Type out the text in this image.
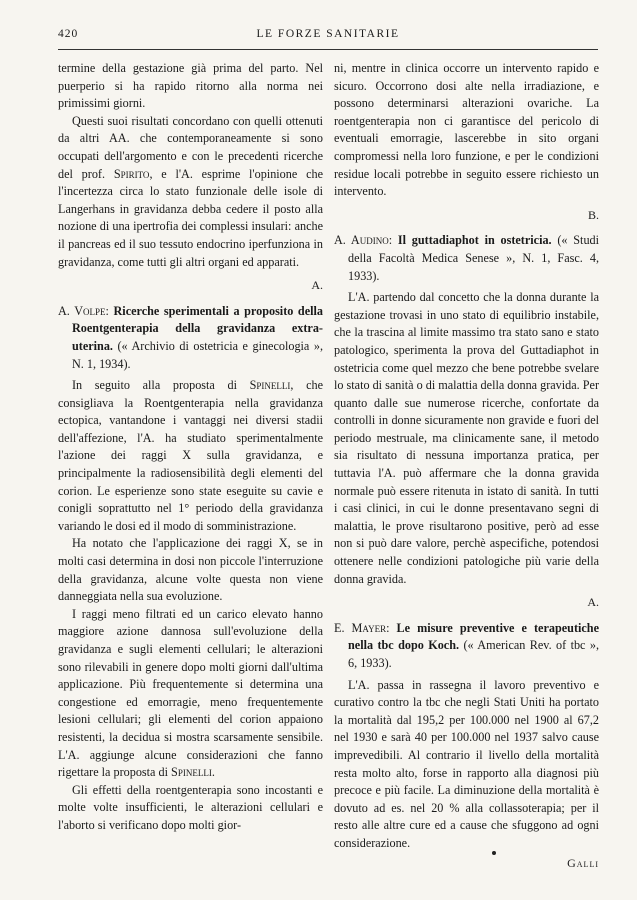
420	LE FORZE SANITARIE

termine della gestazione già prima del parto. Nel puerperio si ha rapido ritorno alla norma nei primissimi giorni.

Questi suoi risultati concordano con quelli ottenuti da altri AA. che contemporaneamente si sono occupati dell'argomento e con le precedenti ricerche del prof. Spirito, e l'A. esprime l'opinione che l'incertezza circa lo stato funzionale delle isole di Langerhans in gravidanza debba cedere il posto alla nozione di una ipertrofia dei complessi insulari: anche il pancreas ed il suo tessuto endocrino iperfunziona in gravidanza, come tutti gli altri organi ed apparati.

A.

A. Volpe: Ricerche sperimentali a proposito della Roentgenterapia della gravidanza extra-uterina. (« Archivio di ostetricia e ginecologia », N. 1, 1934).

In seguito alla proposta di Spinelli, che consigliava la Roentgenterapia nella gravidanza ectopica, vantandone i vantaggi nei diversi stadii dell'affezione, l'A. ha studiato sperimentalmente l'azione dei raggi X sulla gravidanza, e principalmente la radiosensibilità degli elementi del corion. Le esperienze sono state eseguite su cavie e conigli soprattutto nel 1° periodo della gravidanza variando le dosi ed il modo di somministrazione.

Ha notato che l'applicazione dei raggi X, se in molti casi determina in dosi non piccole l'interruzione della gravidanza, alcune volte questa non viene danneggiata nella sua evoluzione.

I raggi meno filtrati ed un carico elevato hanno maggiore azione dannosa sull'evoluzione della gravidanza e sugli elementi cellulari; le alterazioni sono rilevabili in genere dopo molti giorni dall'ultima applicazione. Più frequentemente si determina una congestione ed emorragie, meno frequentemente lesioni cellulari; gli elementi del corion appaiono resistenti, la decidua si mostra scarsamente sensibile. L'A. aggiunge alcune considerazioni che fanno rigettare la proposta di Spinelli.

Gli effetti della roentgenterapia sono incostanti e molte volte insufficienti, le alterazioni cellulari e l'aborto si verificano dopo molti gior-

ni, mentre in clinica occorre un intervento rapido e sicuro. Occorrono dosi alte nella irradiazione, e possono determinarsi alterazioni ovariche. La roentgenterapia non ci garantisce del pericolo di eventuali emorragie, lascerebbe in sito organi compromessi nella loro funzione, e per le condizioni residue locali potrebbe in seguito essere richiesto un intervento.

B.

A. Audino: Il guttadiaphot in ostetricia. (« Studi della Facoltà Medica Senese », N. 1, Fasc. 4, 1933).

L'A. partendo dal concetto che la donna durante la gestazione trovasi in uno stato di equilibrio instabile, che la trascina al limite massimo tra stato sano e stato patologico, sperimenta la prova del Guttadiaphot in ostetricia come quel mezzo che bene potrebbe svelare lo stato di sanità o di malattia della donna gravida. Per quanto dalle sue numerose ricerche, confortate da controlli in donne sicuramente non gravide e fuori del periodo mestruale, ma clinicamente sane, il metodo sia risultato di nessuna importanza pratica, per tuttavia l'A. può affermare che la donna gravida normale può essere ritenuta in istato di sanità. In tutti i casi clinici, in cui le donne presentavano segni di malattia, le prove risultarono positive, però ad esse non si può dare valore, perchè aspecifiche, potendosi ottenere nelle condizioni patologiche più varie della donna gravida.

A.

E. Mayer: Le misure preventive e terapeutiche nella tbc dopo Koch. (« American Rev. of tbc », 6, 1933).

L'A. passa in rassegna il lavoro preventivo e curativo contro la tbc che negli Stati Uniti ha portato la mortalità dal 195,2 per 100.000 nel 1900 al 67,2 nel 1930 e sarà 40 per 100.000 nel 1937 salvo cause imprevedibili. Al contrario il livello della mortalità resta molto alto, forse in rapporto alla diagnosi più precoce e più facile. La diminuzione della mortalità è dovuto ad es. nel 20 % alla collassoterapia; per il resto alle altre cure ed a cause che sfuggono ad ogni considerazione.

Galli
